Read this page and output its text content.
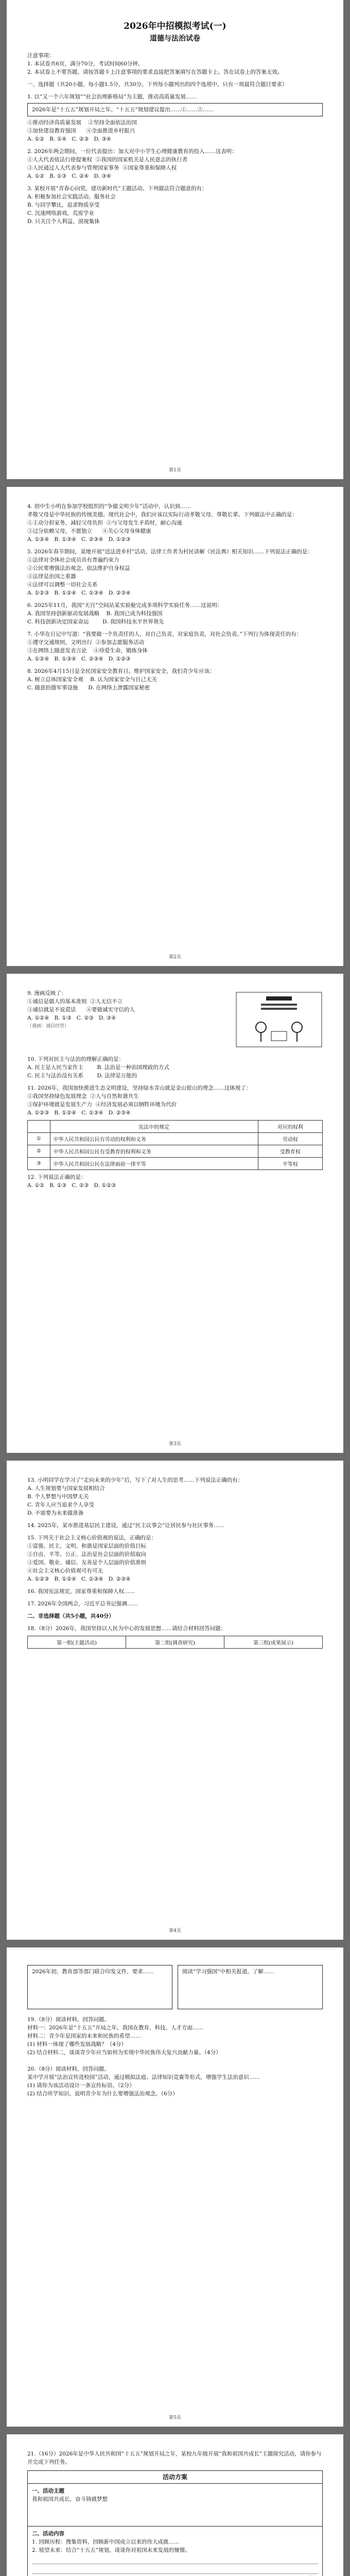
2026年中招模拟考试(一)

道德与法治试卷

注意事项：
1. 本试卷共6页，满分70分，考试时间60分钟。
2. 本试卷上不要答题，请按答题卡上注意事项的要求直接把答案填写在答题卡上。答在试卷上的答案无效。

一、选择题（共20小题，每小题1.5分，共30分。下列每小题列出的四个选项中，只有一项最符合题目要求）

1. 以“又一个六年规划”“社会治理新格局”为主题，推动高质量发展……

2026年是“十五五”规划开局之年。“十五五”规划建议提出……①……②……

①推动经济高质量发展    ②坚持全面依法治国
③加快建设教育强国      ④全面推进乡村振兴
A. ①②   B. ①④   C. ②③   D. ③④

2. 2026年两会期间，一位代表提出：加大对中小学生心理健康教育的投入……这表明：
①人大代表依法行使提案权  ②我国的国家机关是人民意志的执行者
③人民通过人大代表参与管理国家事务  ④国家尊重和保障人权
A. ①②   B. ①③   C. ②④   D. ③④

3. 某校开展“青春心向党，建功新时代”主题活动。下列做法符合题意的有：
A. 积极参加社会实践活动，服务社会
B. 与同学攀比，追求物质享受
C. 沉迷网络游戏，荒废学业
D. 只关注个人利益，漠视集体

第1页

4. 初中生小明在参加学校组织的“争做文明少年”活动中，认识到……

孝敬父母是中华民族的传统美德。现代社会中，我们应该以实际行动孝敬父母、尊敬长辈。下列做法中正确的是：
①主动分担家务，减轻父母负担  ②与父母发生矛盾时，耐心沟通
③过分依赖父母，不愿独立      ④关心父母身体健康
A. ①②④   B. ①③④   C. ②③④   D. ①②③

5. 2026年春节期间，某地开展“送法进乡村”活动，法律工作者为村民讲解《民法典》相关知识……下列说法正确的是：
①法律对全体社会成员具有普遍约束力
②公民要增强法治观念，依法维护自身权益
③法律是治国之重器
④法律可以调整一切社会关系
A. ①②③   B. ①②④   C. ①③④   D. ②③④

6. 2025年11月，我国“天宫”空间站某实验舱完成多项科学实验任务……这说明：
A. 我国坚持创新驱动发展战略    B. 我国已成为科技强国
C. 科技创新决定国家命运        D. 我国科技水平世界领先

7. 小华在日记中写道：“我要做一个负责任的人，对自己负责，对家庭负责，对社会负责。”下列行为体现责任的有：
①遵守交通规则，文明出行  ②参加志愿服务活动
③在网络上随意发表言论    ④珍爱生命，锻炼身体
A. ①②④   B. ①③④   C. ②③④   D. ①②③

8. 2026年4月15日是全民国家安全教育日。维护国家安全，我们青少年应该：
A. 树立总体国家安全观    B. 认为国家安全与自己无关
C. 随意拍摄军事设施      D. 在网络上泄露国家秘密

第2页

9. 漫画反映了：
①诚信是做人的基本准则  ②人无信不立
③诚信就是不说谎话      ④要做诚实守信的人
A. ①②④   B. ①③   C. ②③   D. ③④

（漫画：诚信经营）

10. 下列对民主与法治的理解正确的是：
A. 民主是人民当家作主        B. 法治是一种治国理政的方式
C. 民主与法治没有关系        D. 法律是万能的

11. 2026年，我国加快推进生态文明建设，坚持绿水青山就是金山银山的理念……这体现了：
①我国坚持绿色发展理念  ②人与自然和谐共生
③保护环境就是发展生产力  ④经济发展必须以牺牲环境为代价
A. ①②③   B. ①②④   C. ①③④   D. ②③④

	宪法中的规定	对应的权利
①	中华人民共和国公民有劳动的权利和义务	劳动权
②	中华人民共和国公民有受教育的权利和义务	受教育权
③	中华人民共和国公民在法律面前一律平等	平等权

12. 下列说法正确的是：
A. ①②   B. ①③   C. ②③   D. ①②③

第3页

13. 小明同学在学习了“走向未来的少年”后，写下了对人生的思考……下列说法正确的有：
A. 人生规划要与国家发展相结合
B. 个人梦想与中国梦无关
C. 青年人应当追求个人享受
D. 不需要为未来做准备

14. 2025年，某市推进基层民主建设，通过“民主议事会”让居民参与社区事务……

15. 下列关于社会主义核心价值观的说法，正确的是：
①富强、民主、文明、和谐是国家层面的价值目标
②自由、平等、公正、法治是社会层面的价值取向
③爱国、敬业、诚信、友善是个人层面的价值准则
④社会主义核心价值观可有可无
A. ①②③   B. ①②④   C. ①③④   D. ②③④

16. 我国宪法规定，国家尊重和保障人权……

17. 2026年全国两会，习近平总书记强调……

二、非选择题（共5小题，共40分）

18.（8分）2026年，我国坚持以人民为中心的发展思想……请结合材料回答问题：

第一组(主题活动)	第二组(调查研究)	第三组(成果展示)
第4页

2026年初，教育部等部门联合印发文件，要求……	阅读“学习强国”中相关报道，了解……

19.（8分）阅读材料，回答问题。
材料一：2026年是“十五五”开局之年，我国在教育、科技、人才方面……
材料二：青少年是国家的未来和民族的希望……

(1) 材料一体现了哪些发展战略？（4分）
(2) 结合材料二，谈谈青少年应当如何为实现中华民族伟大复兴贡献力量。（4分）

20.（8分）阅读材料，回答问题。
某中学开展“法治宣传进校园”活动，通过模拟法庭、法律知识竞赛等形式，增强学生法治意识……

(1) 请你为该活动设计一条宣传标语。（2分）
(2) 结合所学知识，说明青少年为什么要增强法治观念。（6分）

第5页

21.（16分）2026年是中华人民共和国“十五五”规划开局之年，某校九年级开展“我和祖国共成长”主题探究活动，请你参与并完成下列任务。

活动方案

一、活动主题

我和祖国共成长，奋斗铸就梦想

二、活动内容

1. 回顾历程：搜集资料，回顾新中国成立以来的伟大成就……
2. 展望未来：结合“十五五”规划，谈谈你对祖国未来发展的憧憬。
